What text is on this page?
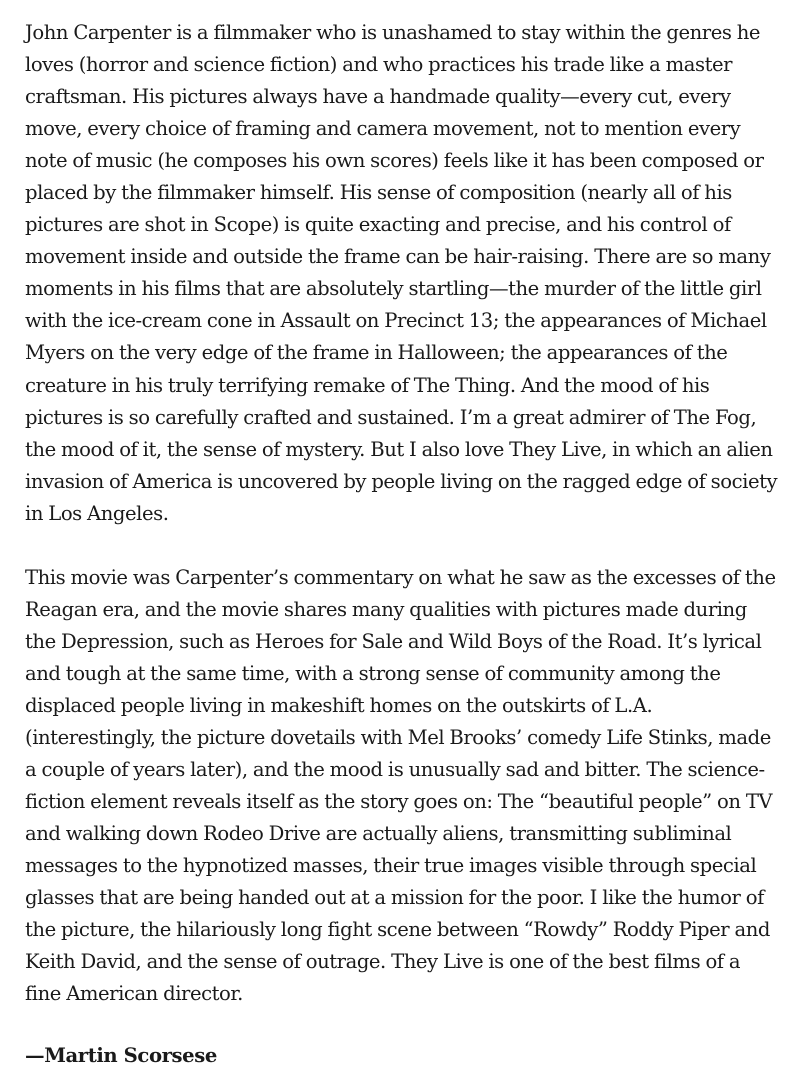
John Carpenter is a filmmaker who is unashamed to stay within the genres he loves (horror and science fiction) and who practices his trade like a master craftsman. His pictures always have a handmade quality—every cut, every move, every choice of framing and camera movement, not to mention every note of music (he composes his own scores) feels like it has been composed or placed by the filmmaker himself. His sense of composition (nearly all of his pictures are shot in Scope) is quite exacting and precise, and his control of movement inside and outside the frame can be hair-raising. There are so many moments in his films that are absolutely startling—the murder of the little girl with the ice-cream cone in Assault on Precinct 13; the appearances of Michael Myers on the very edge of the frame in Halloween; the appearances of the creature in his truly terrifying remake of The Thing. And the mood of his pictures is so carefully crafted and sustained. I’m a great admirer of The Fog, the mood of it, the sense of mystery. But I also love They Live, in which an alien invasion of America is uncovered by people living on the ragged edge of society in Los Angeles.

This movie was Carpenter’s commentary on what he saw as the excesses of the Reagan era, and the movie shares many qualities with pictures made during the Depression, such as Heroes for Sale and Wild Boys of the Road. It’s lyrical and tough at the same time, with a strong sense of community among the displaced people living in makeshift homes on the outskirts of L.A. (interestingly, the picture dovetails with Mel Brooks’ comedy Life Stinks, made a couple of years later), and the mood is unusually sad and bitter. The science-fiction element reveals itself as the story goes on: The “beautiful people” on TV and walking down Rodeo Drive are actually aliens, transmitting subliminal messages to the hypnotized masses, their true images visible through special glasses that are being handed out at a mission for the poor. I like the humor of the picture, the hilariously long fight scene between “Rowdy” Roddy Piper and Keith David, and the sense of outrage. They Live is one of the best films of a fine American director.

—Martin Scorsese
